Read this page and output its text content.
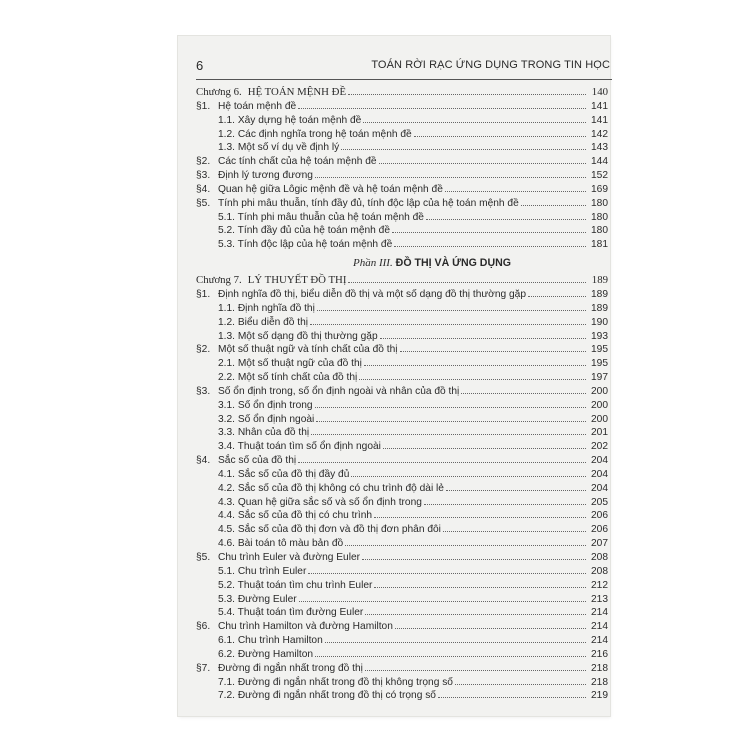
6	TOÁN RỜI RẠC ỨNG DỤNG TRONG TIN HỌC
Chương 6. HỆ TOÁN MỆNH ĐỀ	140
§1. Hệ toán mệnh đề	141
1.1. Xây dựng hệ toán mệnh đề	141
1.2. Các định nghĩa trong hệ toán mệnh đề	142
1.3. Một số ví dụ về định lý	143
§2. Các tính chất của hệ toán mệnh đề	144
§3. Định lý tương đương	152
§4. Quan hệ giữa Lôgic mệnh đề và hệ toán mệnh đề	169
§5. Tính phi mâu thuẫn, tính đầy đủ, tính độc lập của hệ toán mệnh đề	180
5.1. Tính phi mâu thuẫn của hệ toán mệnh đề	180
5.2. Tính đầy đủ của hệ toán mệnh đề	180
5.3. Tính độc lập của hệ toán mệnh đề	181
Phần III. ĐỒ THỊ VÀ ỨNG DỤNG
Chương 7. LÝ THUYẾT ĐỒ THỊ	189
§1. Định nghĩa đồ thị, biểu diễn đồ thị và một số dạng đồ thị thường gặp	189
1.1. Định nghĩa đồ thị	189
1.2. Biểu diễn đồ thị	190
1.3. Một số dạng đồ thị thường gặp	193
§2. Một số thuật ngữ và tính chất của đồ thị	195
2.1. Một số thuật ngữ của đồ thị	195
2.2. Một số tính chất của đồ thị	197
§3. Số ổn định trong, số ổn định ngoài và nhân của đồ thị	200
3.1. Số ổn định trong	200
3.2. Số ổn định ngoài	200
3.3. Nhân của đồ thị	201
3.4. Thuật toán tìm số ổn định ngoài	202
§4. Sắc số của đồ thị	204
4.1. Sắc số của đồ thị đầy đủ	204
4.2. Sắc số của đồ thị không có chu trình độ dài lẻ	204
4.3. Quan hệ giữa sắc số và số ổn định trong	205
4.4. Sắc số của đồ thị có chu trình	206
4.5. Sắc số của đồ thị đơn và đồ thị đơn phân đôi	206
4.6. Bài toán tô màu bản đồ	207
§5. Chu trình Euler và đường Euler	208
5.1. Chu trình Euler	208
5.2. Thuật toán tìm chu trình Euler	212
5.3. Đường Euler	213
5.4. Thuật toán tìm đường Euler	214
§6. Chu trình Hamilton và đường Hamilton	214
6.1. Chu trình Hamilton	214
6.2. Đường Hamilton	216
§7. Đường đi ngắn nhất trong đồ thị	218
7.1. Đường đi ngắn nhất trong đồ thị không trọng số	218
7.2. Đường đi ngắn nhất trong đồ thị có trọng số	219
